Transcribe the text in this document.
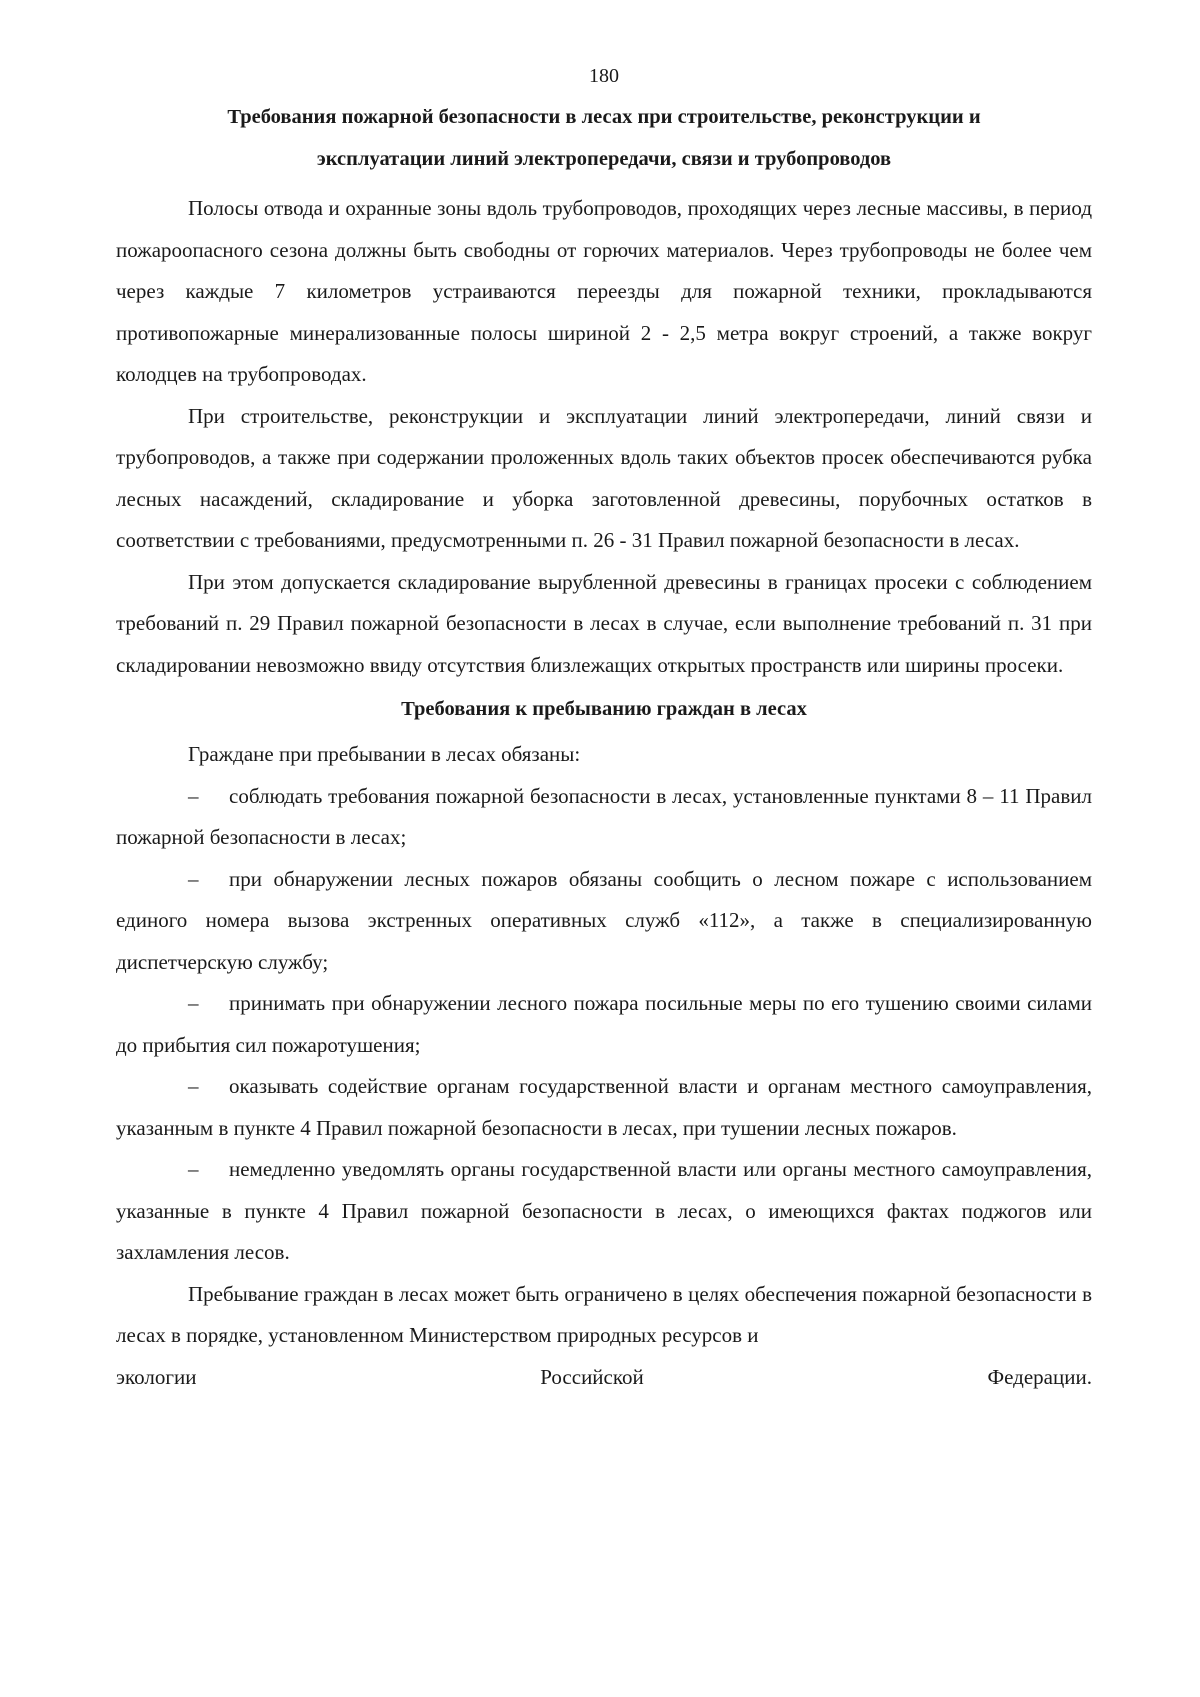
180

Требования пожарной безопасности в лесах при строительстве, реконструкции и

эксплуатации линий электропередачи, связи и трубопроводов

Полосы отвода и охранные зоны вдоль трубопроводов, проходящих через лесные массивы, в период пожароопасного сезона должны быть свободны от горючих материалов. Через трубопроводы не более чем через каждые 7 километров устраиваются переезды для пожарной техники, прокладываются противопожарные минерализованные полосы шириной 2 - 2,5 метра вокруг строений, а также вокруг колодцев на трубопроводах.

При строительстве, реконструкции и эксплуатации линий электропередачи, линий связи и трубопроводов, а также при содержании проложенных вдоль таких объектов просек обеспечиваются рубка лесных насаждений, складирование и уборка заготовленной древесины, порубочных остатков в соответствии с требованиями, предусмотренными п. 26 - 31 Правил пожарной безопасности в лесах.

При этом допускается складирование вырубленной древесины в границах просеки с соблюдением требований п. 29 Правил пожарной безопасности в лесах в случае, если выполнение требований п. 31 при складировании невозможно ввиду отсутствия близлежащих открытых пространств или ширины просеки.

Требования к пребыванию граждан в лесах

Граждане при пребывании в лесах обязаны:

– соблюдать требования пожарной безопасности в лесах, установленные пунктами 8 – 11 Правил пожарной безопасности в лесах;

– при обнаружении лесных пожаров обязаны сообщить о лесном пожаре с использованием единого номера вызова экстренных оперативных служб «112», а также в специализированную диспетчерскую службу;

– принимать при обнаружении лесного пожара посильные меры по его тушению своими силами до прибытия сил пожаротушения;

– оказывать содействие органам государственной власти и органам местного самоуправления, указанным в пункте 4 Правил пожарной безопасности в лесах, при тушении лесных пожаров.

– немедленно уведомлять органы государственной власти или органы местного самоуправления, указанные в пункте 4 Правил пожарной безопасности в лесах, о имеющихся фактах поджогов или захламления лесов.

Пребывание граждан в лесах может быть ограничено в целях обеспечения пожарной безопасности в лесах в порядке, установленном Министерством природных ресурсов и

экологии	Российской	Федерации.
